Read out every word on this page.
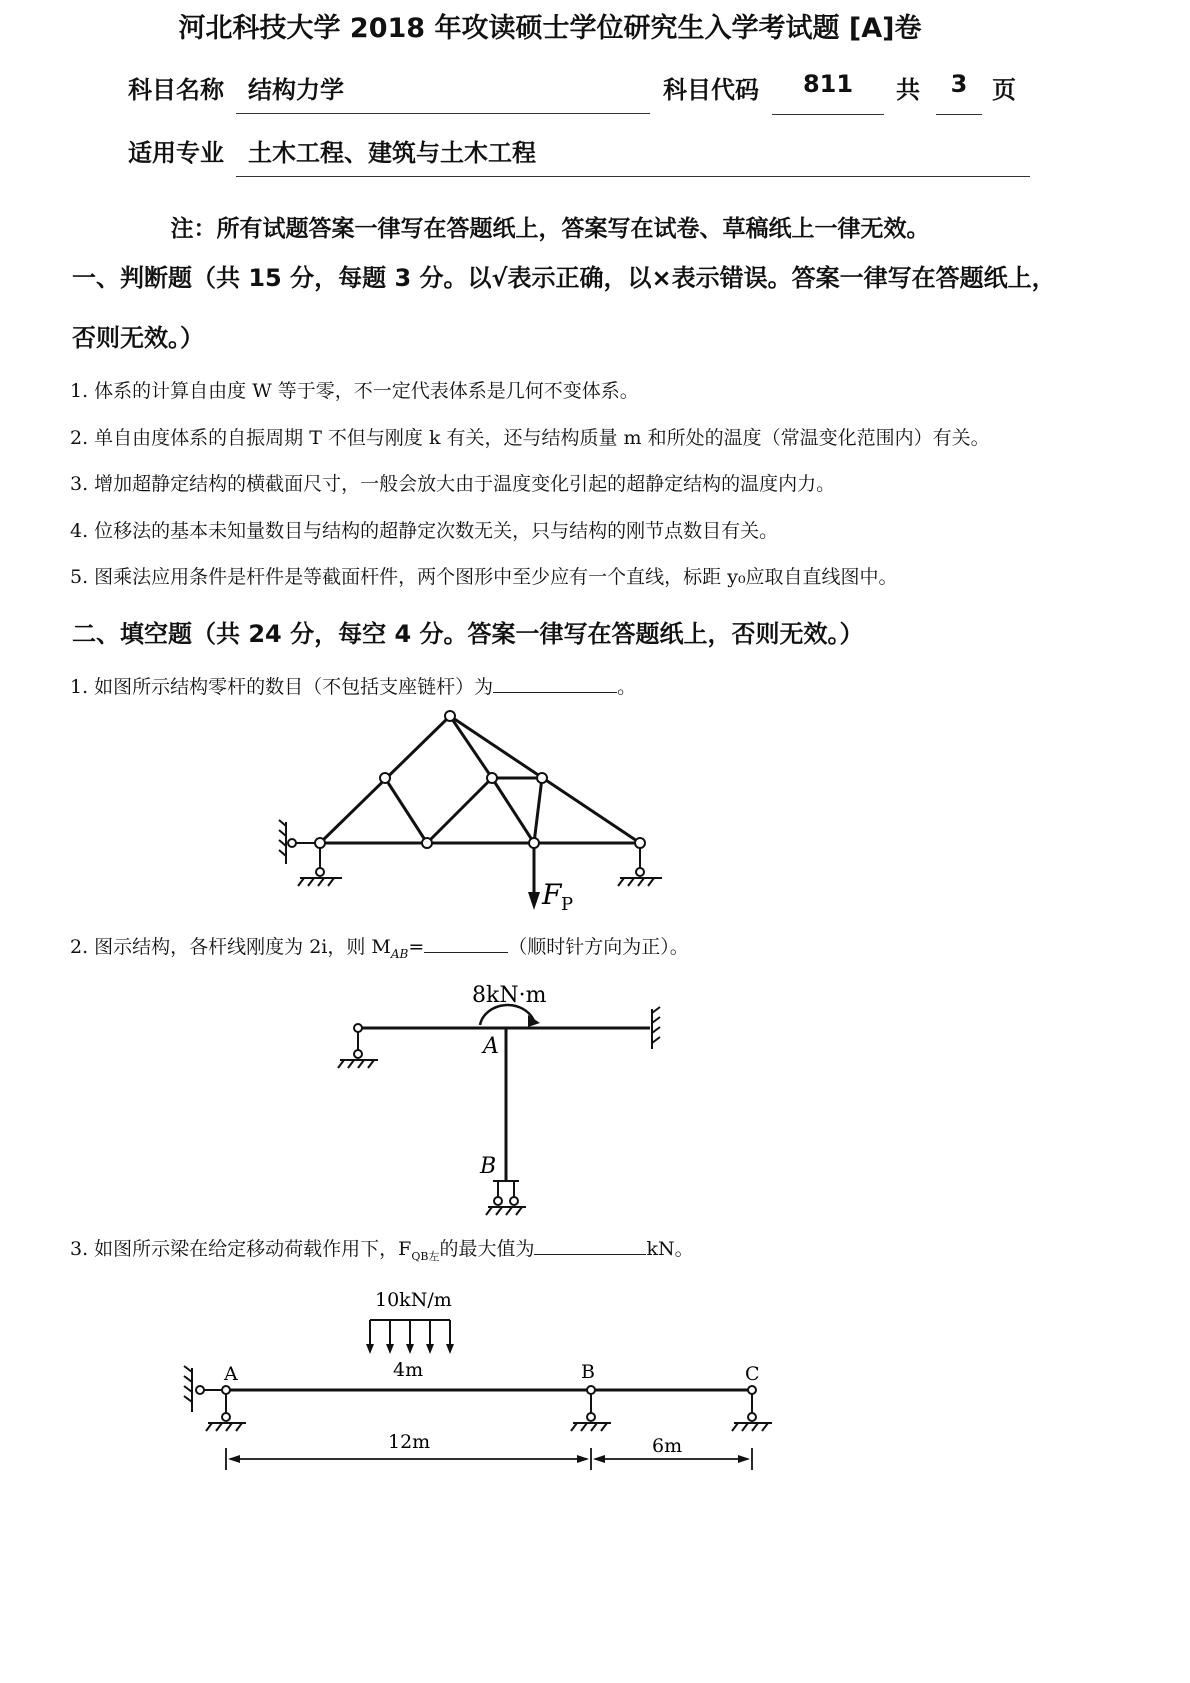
河北科技大学 2018 年攻读硕士学位研究生入学考试题 [A]卷
科目名称	结构力学	科目代码	811	共	3	页
适用专业	土木工程、建筑与土木工程
注：所有试题答案一律写在答题纸上，答案写在试卷、草稿纸上一律无效。
一、判断题（共 15 分，每题 3 分。以√表示正确，以×表示错误。答案一律写在答题纸上，
否则无效。）
1. 体系的计算自由度 W 等于零，不一定代表体系是几何不变体系。
2. 单自由度体系的自振周期 T 不但与刚度 k 有关，还与结构质量 m 和所处的温度（常温变化范围内）有关。
3. 增加超静定结构的横截面尺寸，一般会放大由于温度变化引起的超静定结构的温度内力。
4. 位移法的基本未知量数目与结构的超静定次数无关，只与结构的刚节点数目有关。
5. 图乘法应用条件是杆件是等截面杆件，两个图形中至少应有一个直线，标距 y₀应取自直线图中。
二、填空题（共 24 分，每空 4 分。答案一律写在答题纸上，否则无效。）
1. 如图所示结构零杆的数目（不包括支座链杆）为	。
F P
2. 图示结构，各杆线刚度为 2i，则 $M_{AB}=$	（顺时针方向为正）。
8kN·m
A
B
3. 如图所示梁在给定移动荷载作用下，$F_{QB左}$的最大值为	kN。
10kN/m
4m
A	B	C
12m	6m
